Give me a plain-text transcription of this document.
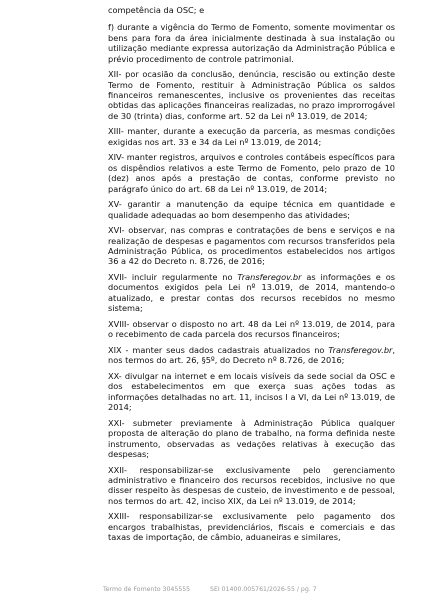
competência da OSC; e

f) durante a vigência do Termo de Fomento, somente movimentar os bens para fora da área inicialmente destinada à sua instalação ou utilização mediante expressa autorização da Administração Pública e prévio procedimento de controle patrimonial.

XII- por ocasião da conclusão, denúncia, rescisão ou extinção deste Termo de Fomento, restituir à Administração Pública os saldos financeiros remanescentes, inclusive os provenientes das receitas obtidas das aplicações financeiras realizadas, no prazo improrrogável de 30 (trinta) dias, conforme art. 52 da Lei nº 13.019, de 2014;

XIII- manter, durante a execução da parceria, as mesmas condições exigidas nos art. 33 e 34 da Lei nº 13.019, de 2014;

XIV- manter registros, arquivos e controles contábeis específicos para os dispêndios relativos a este Termo de Fomento, pelo prazo de 10 (dez) anos após a prestação de contas, conforme previsto no parágrafo único do art. 68 da Lei nº 13.019, de 2014;

XV- garantir a manutenção da equipe técnica em quantidade e qualidade adequadas ao bom desempenho das atividades;

XVI- observar, nas compras e contratações de bens e serviços e na realização de despesas e pagamentos com recursos transferidos pela Administração Pública, os procedimentos estabelecidos nos artigos 36 a 42 do Decreto n. 8.726, de 2016;

XVII- incluir regularmente no Transferegov.br as informações e os documentos exigidos pela Lei nº 13.019, de 2014, mantendo-o atualizado, e prestar contas dos recursos recebidos no mesmo sistema;

XVIII- observar o disposto no art. 48 da Lei nº 13.019, de 2014, para o recebimento de cada parcela dos recursos financeiros;

XIX - manter seus dados cadastrais atualizados no Transferegov.br, nos termos do art. 26, §5º, do Decreto nº 8.726, de 2016;

XX- divulgar na internet e em locais visíveis da sede social da OSC e dos estabelecimentos em que exerça suas ações todas as informações detalhadas no art. 11, incisos I a VI, da Lei nº 13.019, de 2014;

XXI- submeter previamente à Administração Pública qualquer proposta de alteração do plano de trabalho, na forma definida neste instrumento, observadas as vedações relativas à execução das despesas;

XXII- responsabilizar-se exclusivamente pelo gerenciamento administrativo e financeiro dos recursos recebidos, inclusive no que disser respeito às despesas de custeio, de investimento e de pessoal, nos termos do art. 42, inciso XIX, da Lei nº 13.019, de 2014;

XXIII- responsabilizar-se exclusivamente pelo pagamento dos encargos trabalhistas, previdenciários, fiscais e comerciais e das taxas de importação, de câmbio, aduaneiras e similares,

Termo de Fomento 3045555	SEI 01400.005761/2026-55 / pg. 7
